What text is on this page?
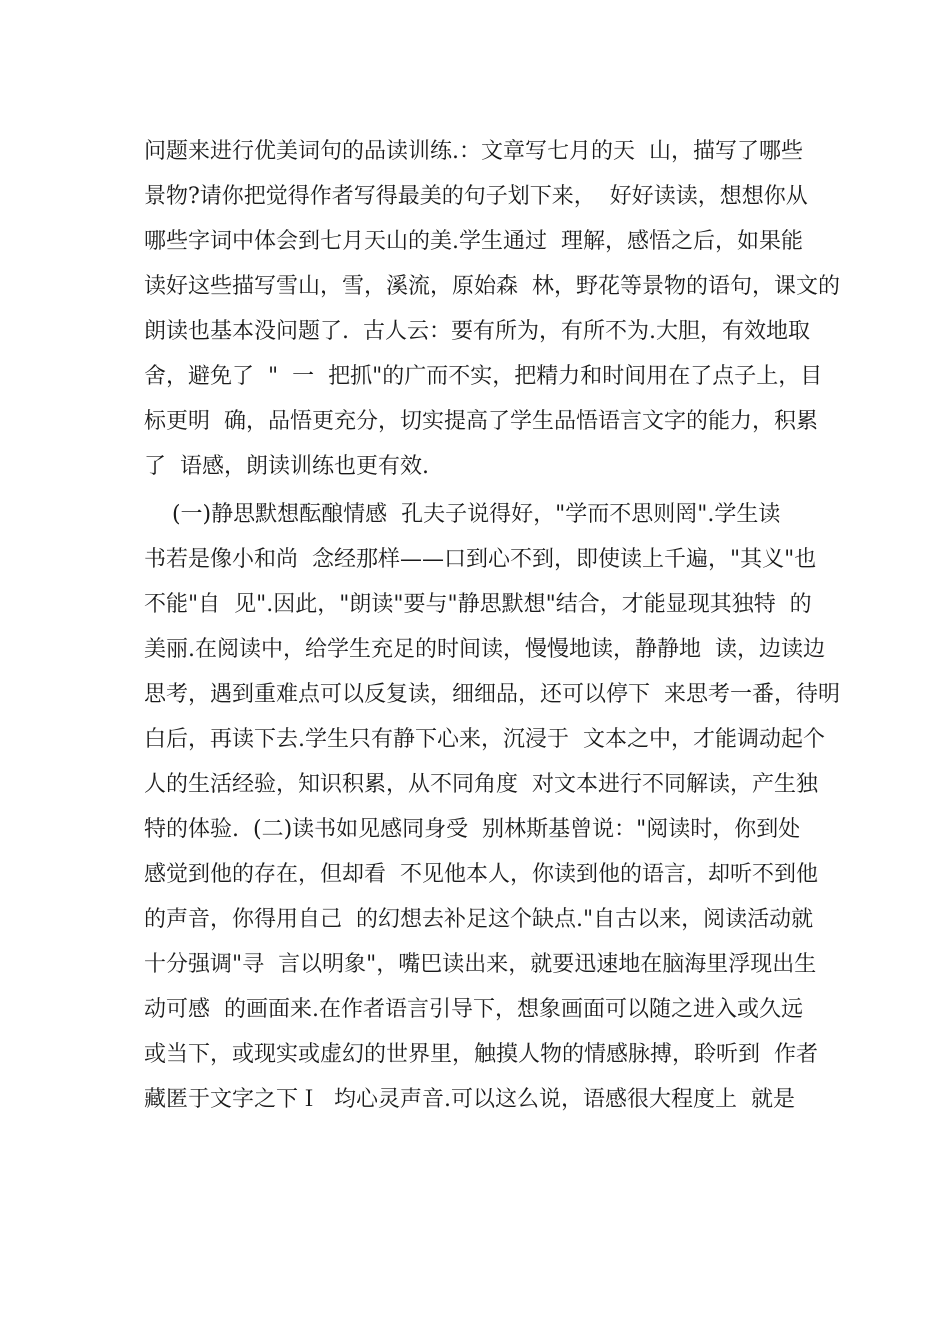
问题来进行优美词句的品读训练.：文章写七月的天  山，描写了哪些
景物?请你把觉得作者写得最美的句子划下来，  好好读读，想想你从
哪些字词中体会到七月天山的美.学生通过  理解，感悟之后，如果能
读好这些描写雪山，雪，溪流，原始森  林，野花等景物的语句，课文的
朗读也基本没问题了.  古人云：要有所为，有所不为.大胆，有效地取
舍，避免了  "  一  把抓"的广而不实，把精力和时间用在了点子上，目
标更明  确，品悟更充分，切实提高了学生品悟语言文字的能力，积累
了  语感，朗读训练也更有效.
(一)静思默想酝酿情感  孔夫子说得好，"学而不思则罔".学生读
书若是像小和尚  念经那样——口到心不到，即使读上千遍，"其义"也
不能"自  见".因此，"朗读"要与"静思默想"结合，才能显现其独特  的
美丽.在阅读中，给学生充足的时间读，慢慢地读，静静地  读，边读边
思考，遇到重难点可以反复读，细细品，还可以停下  来思考一番，待明
白后，再读下去.学生只有静下心来，沉浸于  文本之中，才能调动起个
人的生活经验，知识积累，从不同角度  对文本进行不同解读，产生独
特的体验.  (二)读书如见感同身受  别林斯基曾说："阅读时，你到处
感觉到他的存在，但却看  不见他本人，你读到他的语言，却听不到他
的声音，你得用自己  的幻想去补足这个缺点."自古以来，阅读活动就
十分强调"寻  言以明象"，嘴巴读出来，就要迅速地在脑海里浮现出生
动可感  的画面来.在作者语言引导下，想象画面可以随之进入或久远
或当下，或现实或虚幻的世界里，触摸人物的情感脉搏，聆听到  作者
藏匿于文字之下Ｉ  均心灵声音.可以这么说，语感很大程度上  就是
